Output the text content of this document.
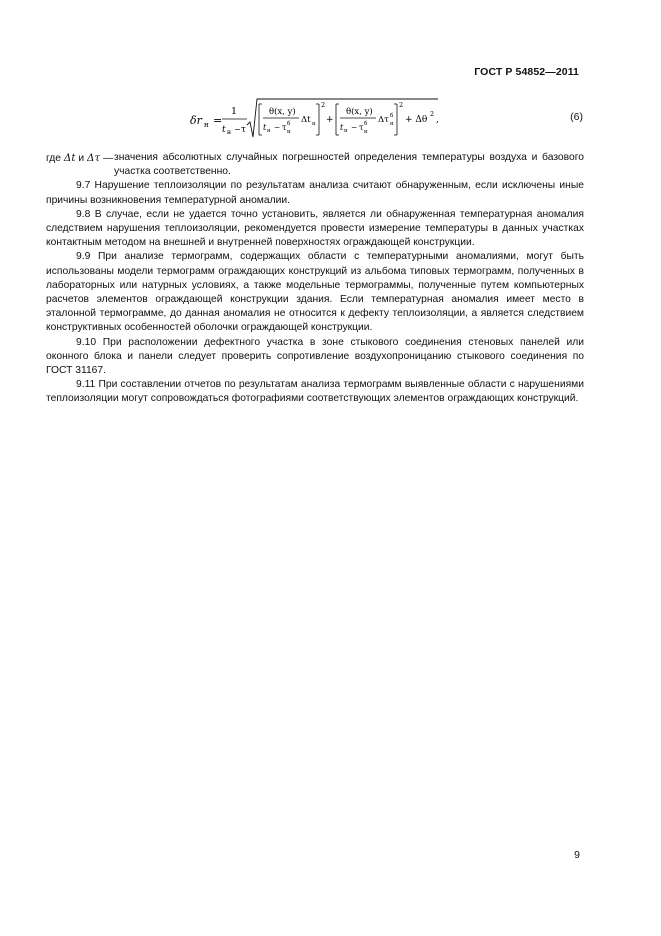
ГОСТ Р 54852—2011
δr н =
1
t н − τ
θ(x, y)
t н − τ б
н
Δt н
2
+
θ(x, y)
t н − τ б
н
Δτ б
н
2
+ Δθ
2
,	(6)
где Δt и Δτ — значения абсолютных случайных погрешностей определения температуры воздуха и базового участка соответственно.

9.7 Нарушение теплоизоляции по результатам анализа считают обнаруженным, если исключены иные причины возникновения температурной аномалии.

9.8 В случае, если не удается точно установить, является ли обнаруженная температурная аномалия следствием нарушения теплоизоляции, рекомендуется провести измерение температуры в данных участках контактным методом на внешней и внутренней поверхностях ограждающей конструкции.

9.9 При анализе термограмм, содержащих области с температурными аномалиями, могут быть использованы модели термограмм ограждающих конструкций из альбома типовых термограмм, полученных в лабораторных или натурных условиях, а также модельные термограммы, полученные путем компьютерных расчетов элементов ограждающей конструкции здания. Если температурная аномалия имеет место в эталонной термограмме, до данная аномалия не относится к дефекту теплоизоляции, а является следствием конструктивных особенностей оболочки ограждающей конструкции.

9.10 При расположении дефектного участка в зоне стыкового соединения стеновых панелей или оконного блока и панели следует проверить сопротивление воздухопроницанию стыкового соединения по ГОСТ 31167.

9.11 При составлении отчетов по результатам анализа термограмм выявленные области с нарушениями теплоизоляции могут сопровождаться фотографиями соответствующих элементов ограждающих конструкций.

9
